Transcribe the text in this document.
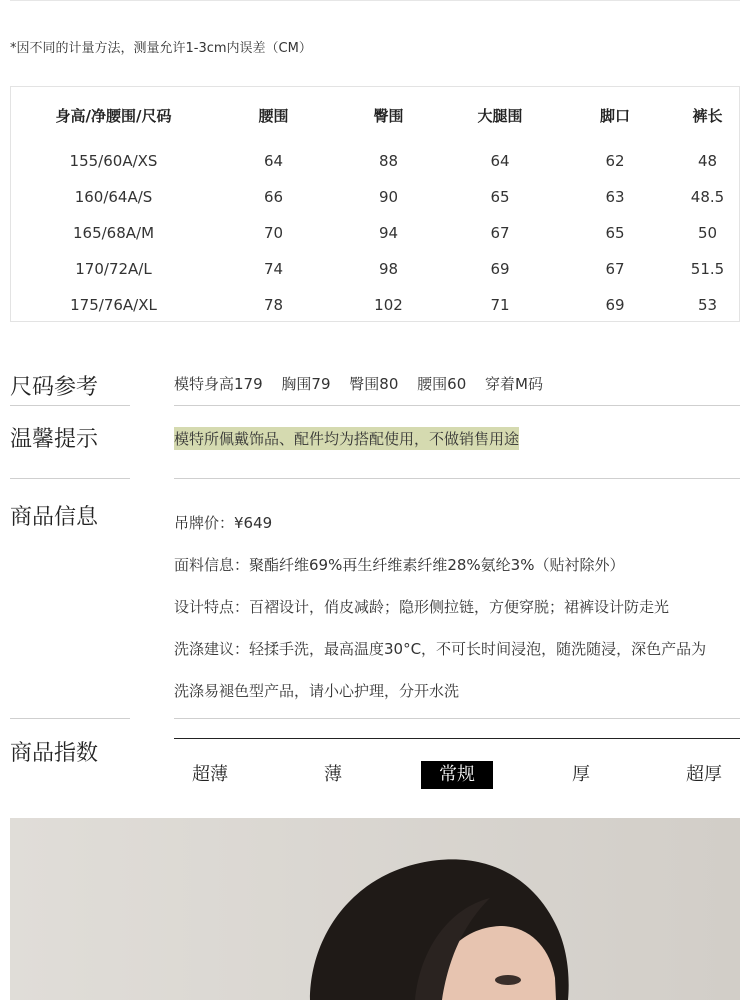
*因不同的计量方法，测量允许1-3cm内误差（CM）
身高/净腰围/尺码	腰围	臀围	大腿围	脚口	裤长
155/60A/XS	64	88	64	62	48
160/64A/S	66	90	65	63	48.5
165/68A/M	70	94	67	65	50
170/72A/L	74	98	69	67	51.5
175/76A/XL	78	102	71	69	53
尺码参考	模特身高179 胸围79 臀围80 腰围60 穿着M码
温馨提示	模特所佩戴饰品、配件均为搭配使用，不做销售用途
商品信息	吊牌价：¥649
面料信息：聚酯纤维69%再生纤维素纤维28%氨纶3%（贴衬除外）
设计特点：百褶设计，俏皮减龄；隐形侧拉链，方便穿脱；裙裤设计防走光
洗涤建议：轻揉手洗，最高温度30°C，不可长时间浸泡，随洗随浸，深色产品为
洗涤易褪色型产品，请小心护理，分开水洗
商品指数
超薄	薄	常规	厚	超厚
